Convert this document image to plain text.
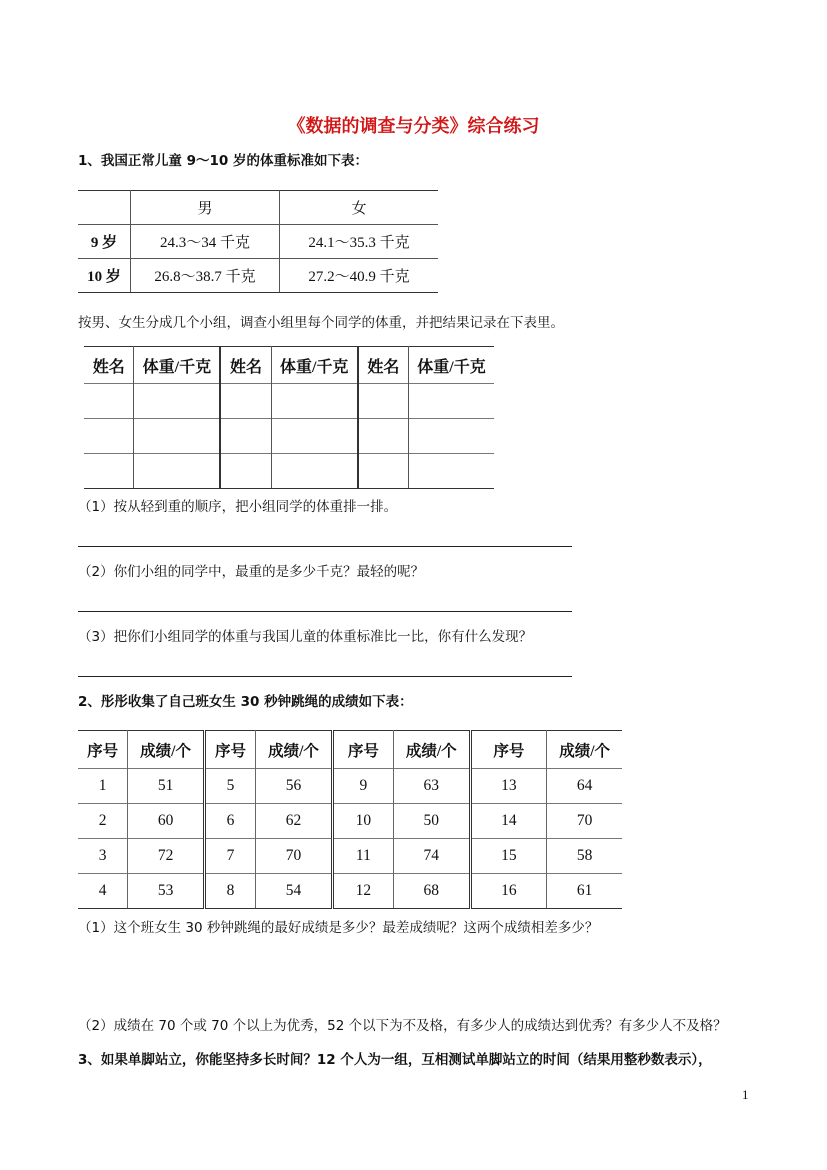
《数据的调查与分类》综合练习
1、我国正常儿童 9～10 岁的体重标准如下表：
	男	女
9 岁	24.3～34 千克	24.1～35.3 千克
10 岁	26.8～38.7 千克	27.2～40.9 千克
按男、女生分成几个小组，调查小组里每个同学的体重，并把结果记录在下表里。
姓名	体重/千克	姓名	体重/千克	姓名	体重/千克

（1）按从轻到重的顺序，把小组同学的体重排一排。
（2）你们小组的同学中，最重的是多少千克？最轻的呢？
（3）把你们小组同学的体重与我国儿童的体重标准比一比，你有什么发现？
2、彤彤收集了自己班女生 30 秒钟跳绳的成绩如下表：
序号	成绩/个	序号	成绩/个	序号	成绩/个	序号	成绩/个
1	51	5	56	9	63	13	64
2	60	6	62	10	50	14	70
3	72	7	70	11	74	15	58
4	53	8	54	12	68	16	61
（1）这个班女生 30 秒钟跳绳的最好成绩是多少？最差成绩呢？这两个成绩相差多少？
（2）成绩在 70 个或 70 个以上为优秀，52 个以下为不及格，有多少人的成绩达到优秀？有多少人不及格？
3、如果单脚站立，你能坚持多长时间？12 个人为一组，互相测试单脚站立的时间（结果用整秒数表示），
1
